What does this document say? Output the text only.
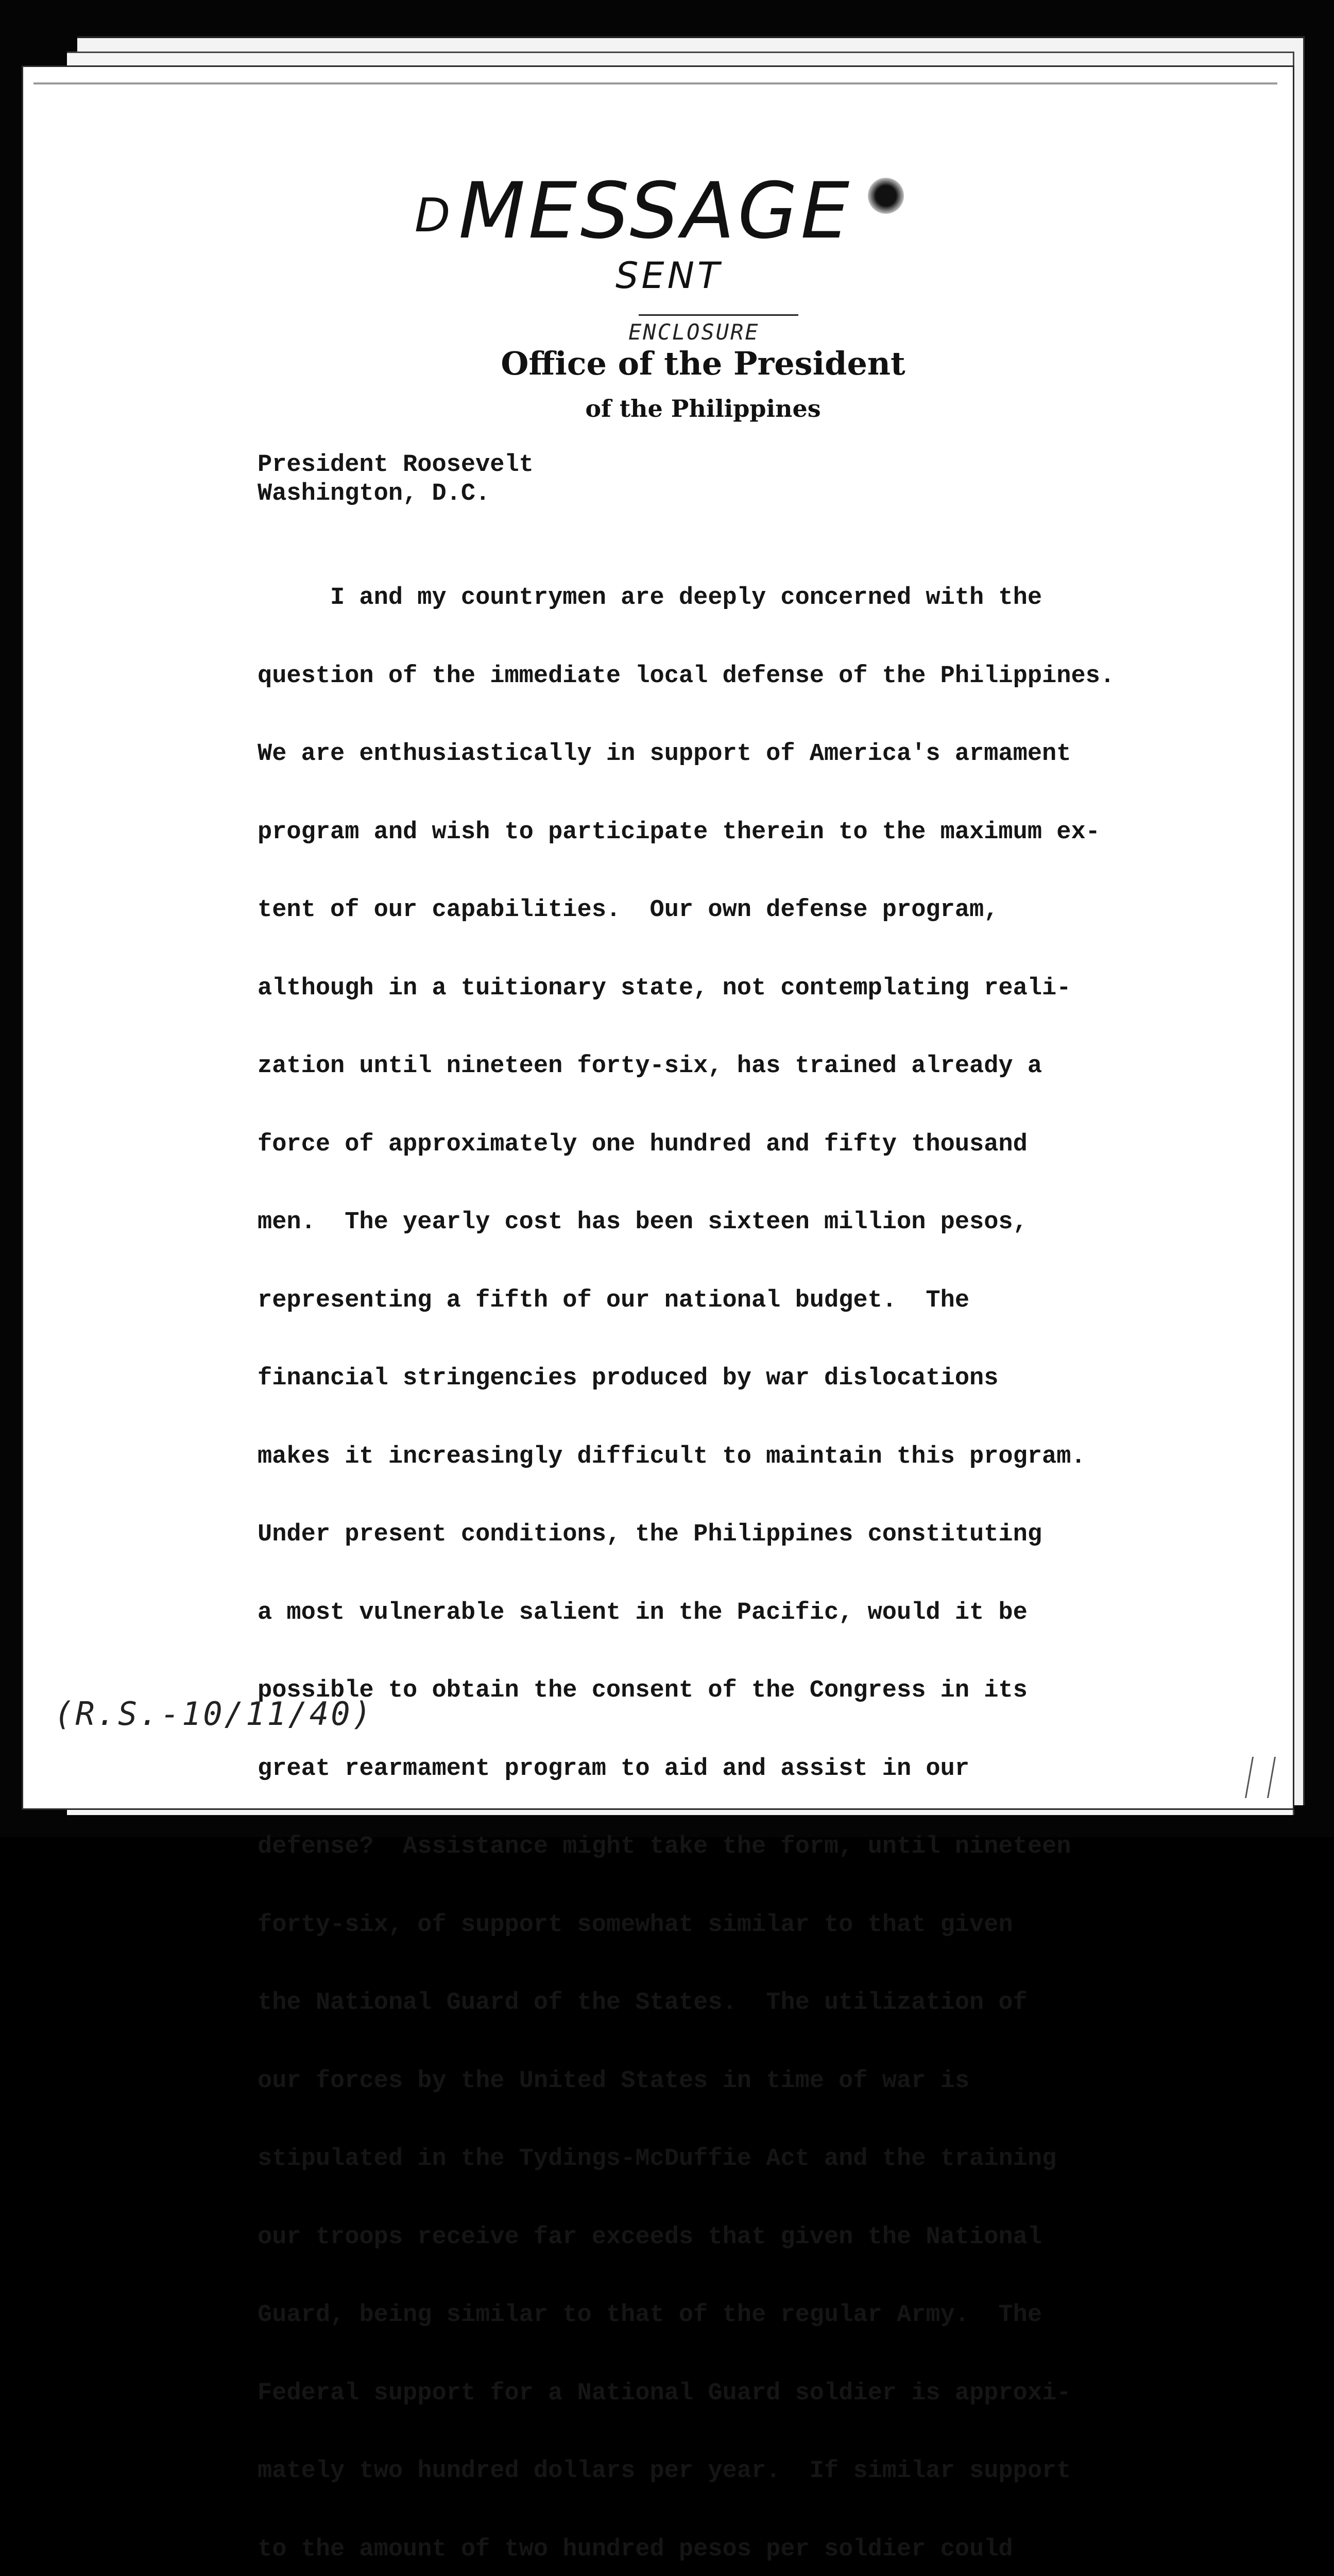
DMESSAGE
SENT
ENCLOSURE
Office of the President
of the Philippines
President Roosevelt
Washington, D.C.

I and my countrymen are deeply concerned with the

question of the immediate local defense of the Philippines.

We are enthusiastically in support of America's armament

program and wish to participate therein to the maximum ex-

tent of our capabilities.  Our own defense program,

although in a tuitionary state, not contemplating reali-

zation until nineteen forty-six, has trained already a

force of approximately one hundred and fifty thousand

men.  The yearly cost has been sixteen million pesos,

representing a fifth of our national budget.  The

financial stringencies produced by war dislocations

makes it increasingly difficult to maintain this program.

Under present conditions, the Philippines constituting

a most vulnerable salient in the Pacific, would it be

possible to obtain the consent of the Congress in its

great rearmament program to aid and assist in our

defense?  Assistance might take the form, until nineteen

forty-six, of support somewhat similar to that given

the National Guard of the States.  The utilization of

our forces by the United States in time of war is

stipulated in the Tydings-McDuffie Act and the training

our troops receive far exceeds that given the National

Guard, being similar to that of the regular Army.  The

Federal support for a National Guard soldier is approxi-

mately two hundred dollars per year.  If similar support

to the amount of two hundred pesos per soldier could

(R.S.-10/11/40)
